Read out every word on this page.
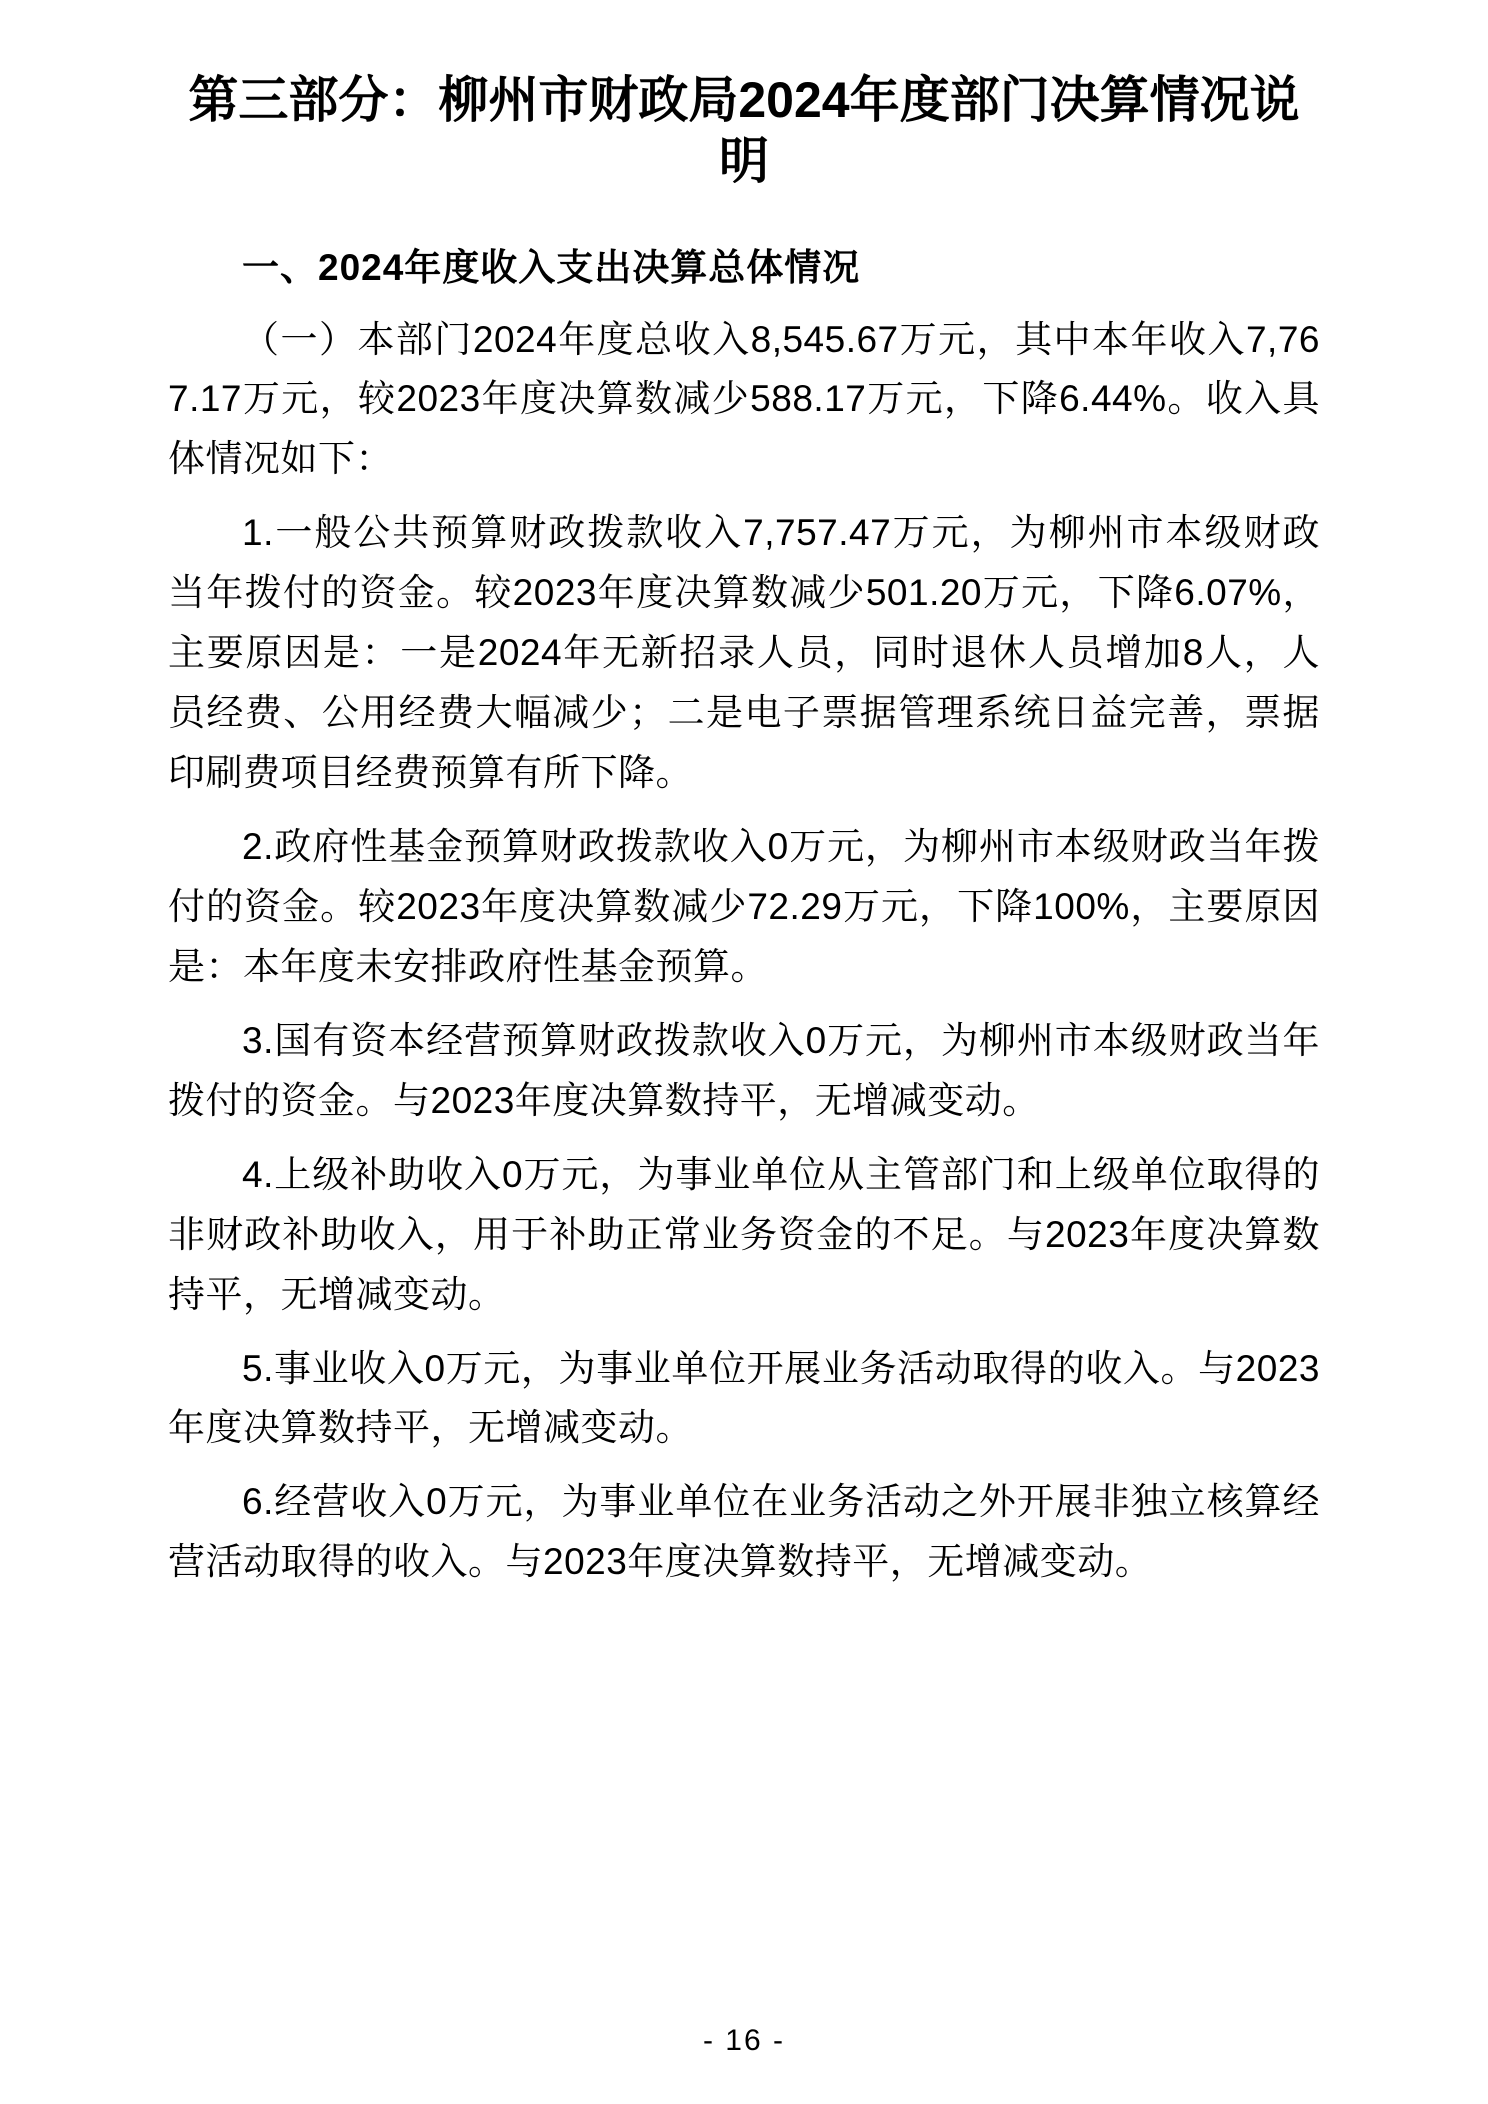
第三部分：柳州市财政局2024年度部门决算情况说明
一、2024年度收入支出决算总体情况

（一）本部门2024年度总收入8,545.67万元，其中本年收入7,767.17万元，较2023年度决算数减少588.17万元，下降6.44%。收入具体情况如下：

1.一般公共预算财政拨款收入7,757.47万元，为柳州市本级财政当年拨付的资金。较2023年度决算数减少501.20万元，下降6.07%，主要原因是：一是2024年无新招录人员，同时退休人员增加8人，人员经费、公用经费大幅减少；二是电子票据管理系统日益完善，票据印刷费项目经费预算有所下降。

2.政府性基金预算财政拨款收入0万元，为柳州市本级财政当年拨付的资金。较2023年度决算数减少72.29万元，下降100%，主要原因是：本年度未安排政府性基金预算。

3.国有资本经营预算财政拨款收入0万元，为柳州市本级财政当年拨付的资金。与2023年度决算数持平，无增减变动。

4.上级补助收入0万元，为事业单位从主管部门和上级单位取得的非财政补助收入，用于补助正常业务资金的不足。与2023年度决算数持平，无增减变动。

5.事业收入0万元，为事业单位开展业务活动取得的收入。与2023年度决算数持平，无增减变动。

6.经营收入0万元，为事业单位在业务活动之外开展非独立核算经营活动取得的收入。与2023年度决算数持平，无增减变动。

- 16 -
